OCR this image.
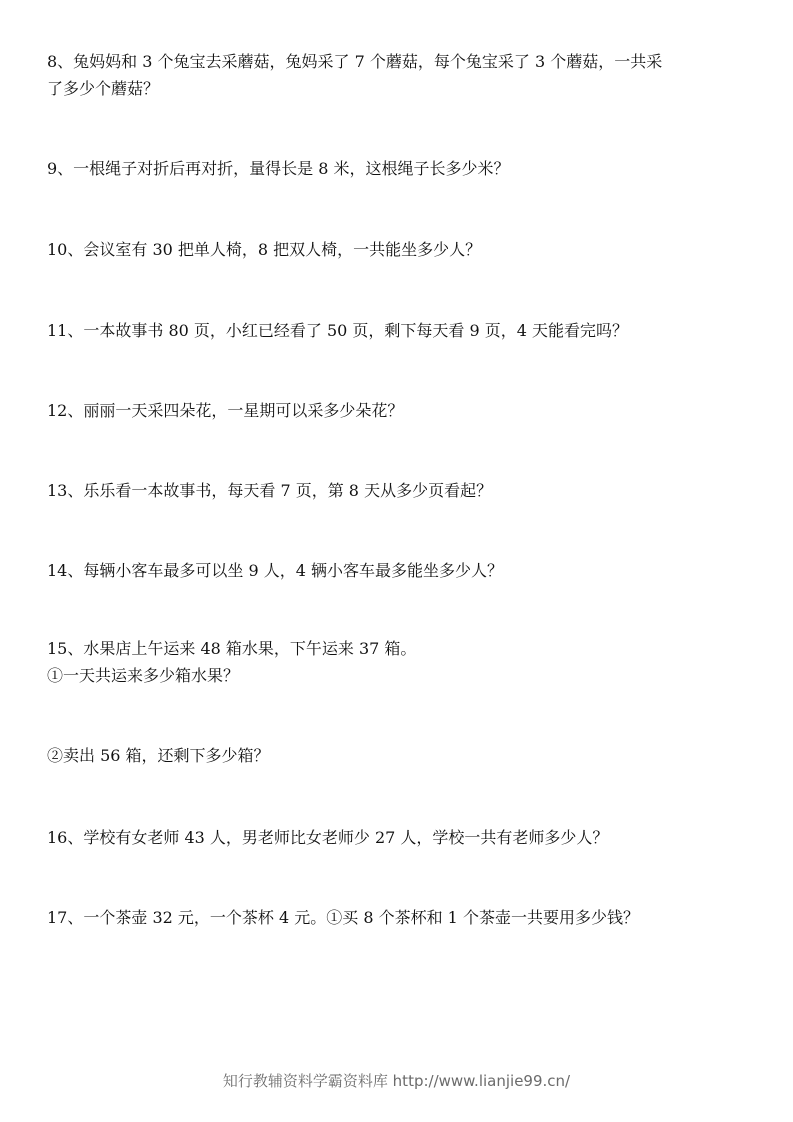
8、兔妈妈和 3 个兔宝去采蘑菇，兔妈采了 7 个蘑菇，每个兔宝采了 3 个蘑菇，一共采
了多少个蘑菇？
9、一根绳子对折后再对折，量得长是 8 米，这根绳子长多少米？
10、会议室有 30 把单人椅，8 把双人椅，一共能坐多少人？
11、一本故事书 80 页，小红已经看了 50 页，剩下每天看 9 页，4 天能看完吗？
12、丽丽一天采四朵花，一星期可以采多少朵花？
13、乐乐看一本故事书，每天看 7 页，第 8 天从多少页看起？
14、每辆小客车最多可以坐 9 人，4 辆小客车最多能坐多少人？
15、水果店上午运来 48 箱水果，下午运来 37 箱。
①一天共运来多少箱水果？
②卖出 56 箱，还剩下多少箱？
16、学校有女老师 43 人，男老师比女老师少 27 人，学校一共有老师多少人？
17、一个茶壶 32 元，一个茶杯 4 元。①买 8 个茶杯和 1 个茶壶一共要用多少钱？
知行教辅资料学霸资料库 http://www.lianjie99.cn/
